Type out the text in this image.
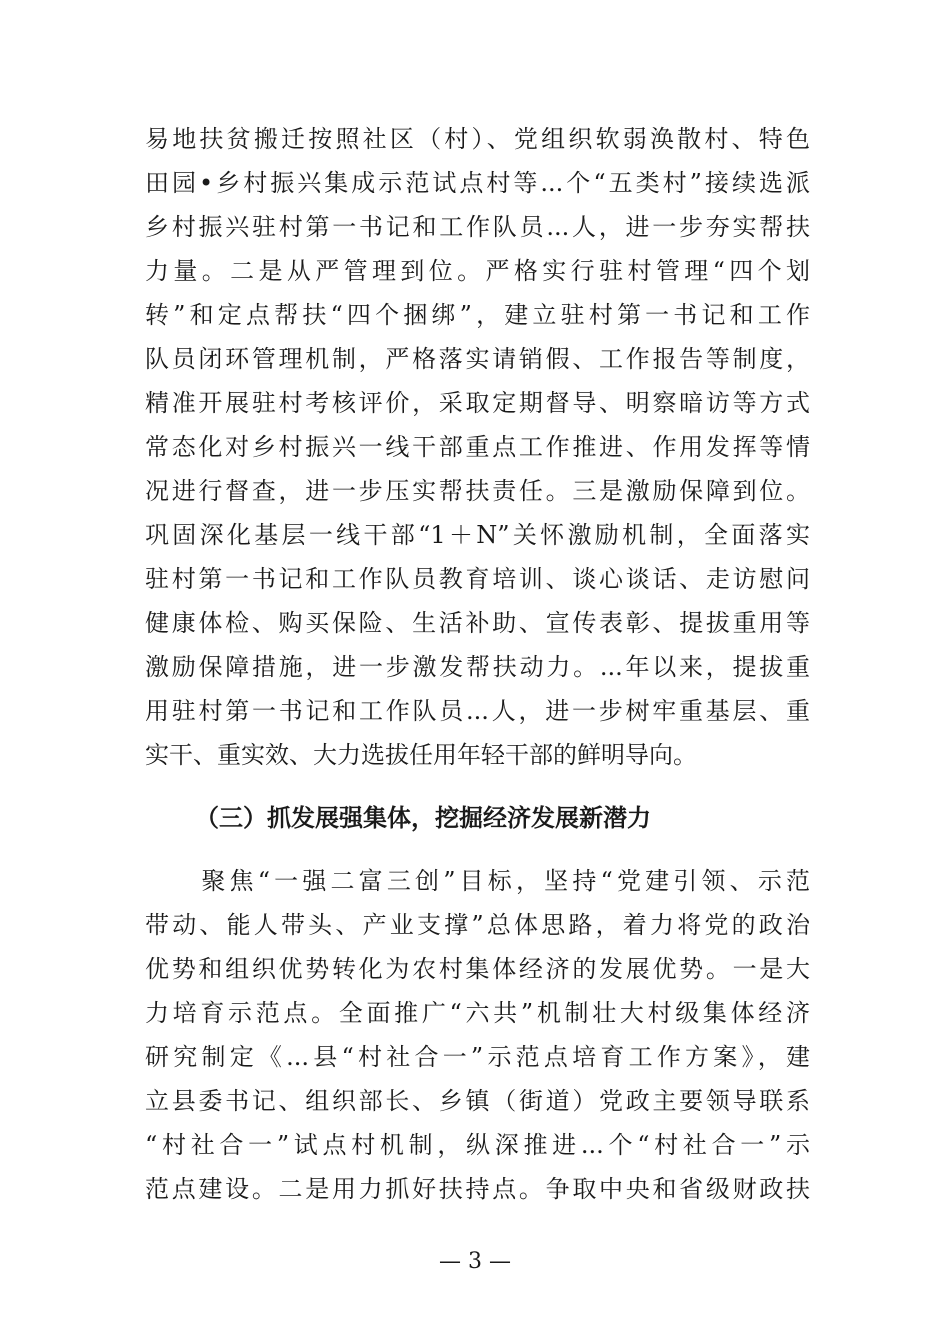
易地扶贫搬迁按照社区（村）、党组织软弱涣散村、特色
田园•乡村振兴集成示范试点村等...个“五类村”接续选派
乡村振兴驻村第一书记和工作队员...人，进一步夯实帮扶
力量。二是从严管理到位。严格实行驻村管理“四个划
转”和定点帮扶“四个捆绑”，建立驻村第一书记和工作
队员闭环管理机制，严格落实请销假、工作报告等制度，
精准开展驻村考核评价，采取定期督导、明察暗访等方式
常态化对乡村振兴一线干部重点工作推进、作用发挥等情
况进行督查，进一步压实帮扶责任。三是激励保障到位。
巩固深化基层一线干部“1＋N”关怀激励机制，全面落实
驻村第一书记和工作队员教育培训、谈心谈话、走访慰问
健康体检、购买保险、生活补助、宣传表彰、提拔重用等
激励保障措施，进一步激发帮扶动力。...年以来，提拔重
用驻村第一书记和工作队员...人，进一步树牢重基层、重
实干、重实效、大力选拔任用年轻干部的鲜明导向。
（三）抓发展强集体，挖掘经济发展新潜力
　　聚焦“一强二富三创”目标，坚持“党建引领、示范
带动、能人带头、产业支撑”总体思路，着力将党的政治
优势和组织优势转化为农村集体经济的发展优势。一是大
力培育示范点。全面推广“六共”机制壮大村级集体经济
研究制定《...县“村社合一”示范点培育工作方案》，建
立县委书记、组织部长、乡镇（街道）党政主要领导联系
“村社合一”试点村机制，纵深推进...个“村社合一”示
范点建设。二是用力抓好扶持点。争取中央和省级财政扶
— 3 —
